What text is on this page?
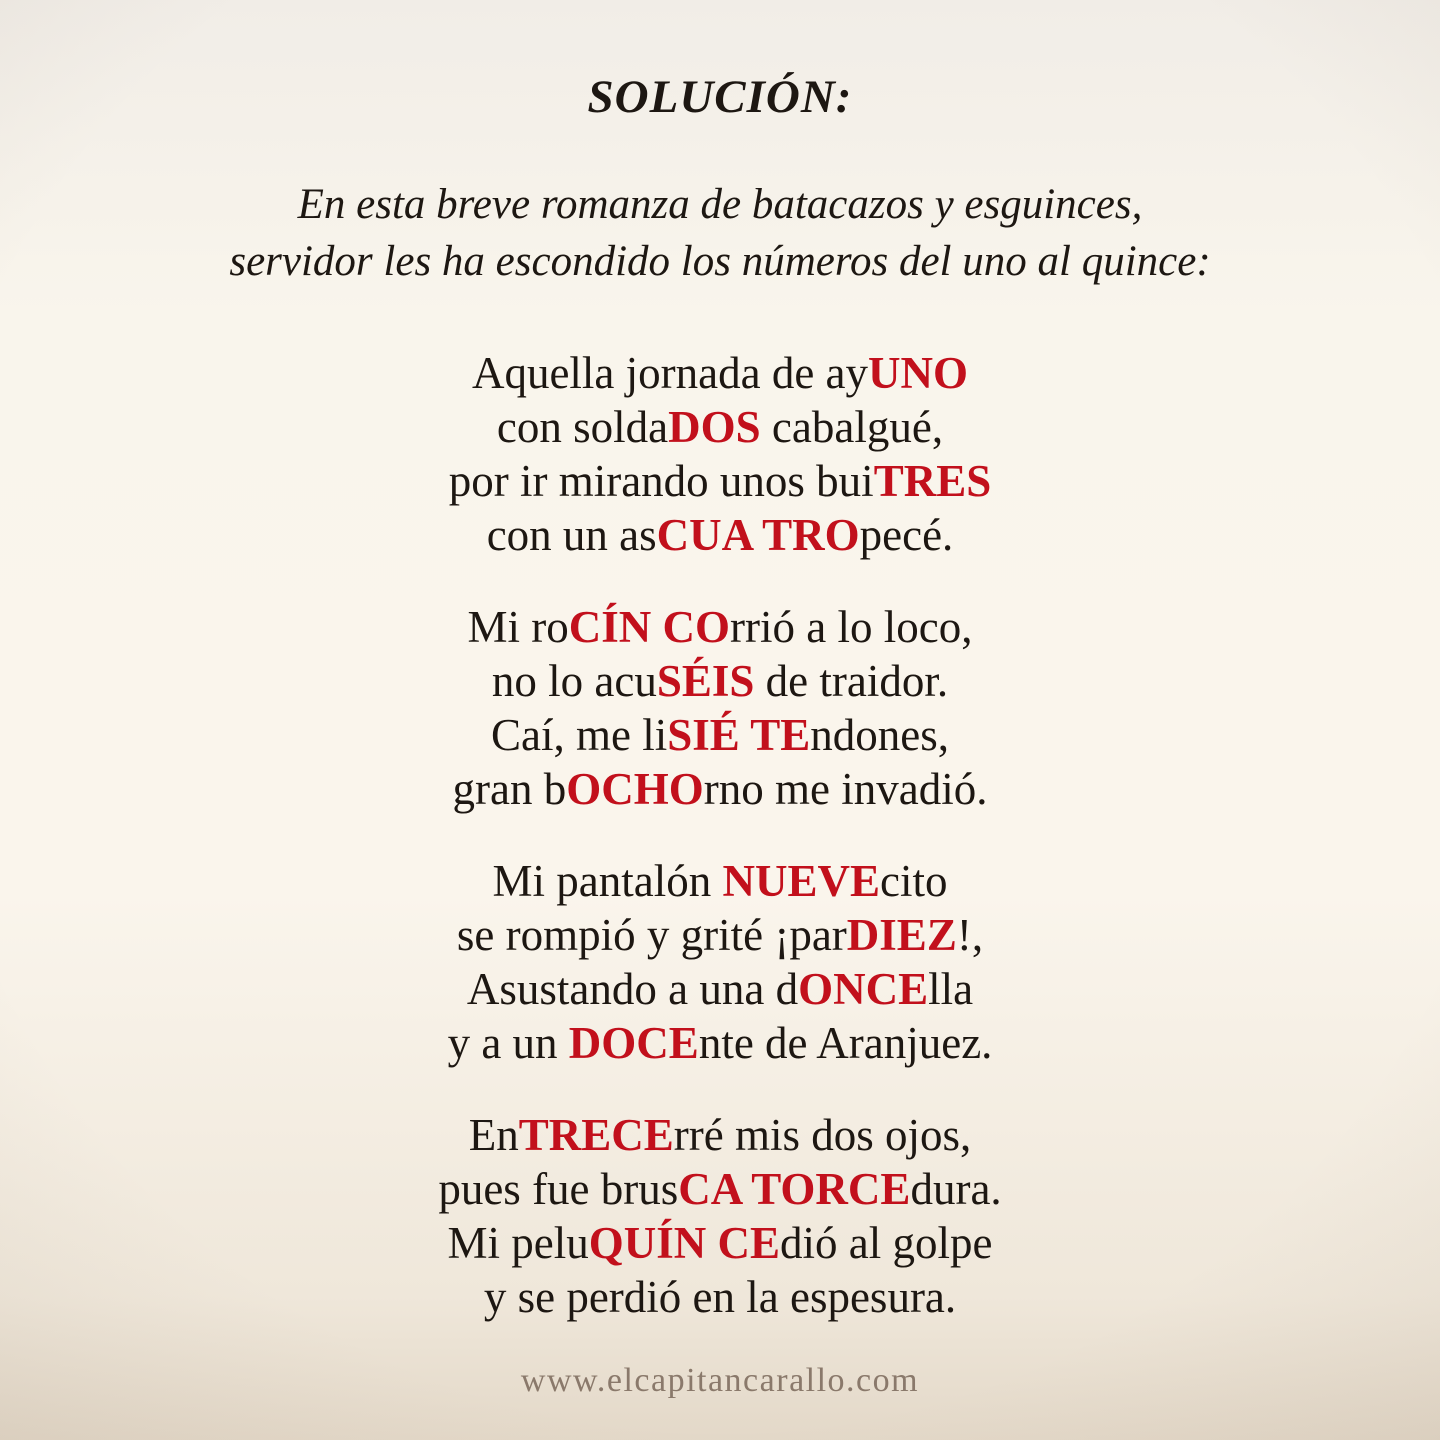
SOLUCIÓN:
En esta breve romanza de batacazos y esguinces,
servidor les ha escondido los números del uno al quince:
Aquella jornada de ayUNO
con soldaDOS cabalgué,
por ir mirando unos buiTRES
con un asCUA TROpecé.
Mi roCÍN COrrió a lo loco,
no lo acuSÉIS de traidor.
Caí, me liSIÉ TEndones,
gran bOCHOrno me invadió.
Mi pantalón NUEVEcito
se rompió y grité ¡parDIEZ!,
Asustando a una dONCElla
y a un DOCEnte de Aranjuez.
EnTRECErré mis dos ojos,
pues fue brusCA TORCEdura.
Mi peluQUÍN CEdió al golpe
y se perdió en la espesura.
www.elcapitancarallo.com
